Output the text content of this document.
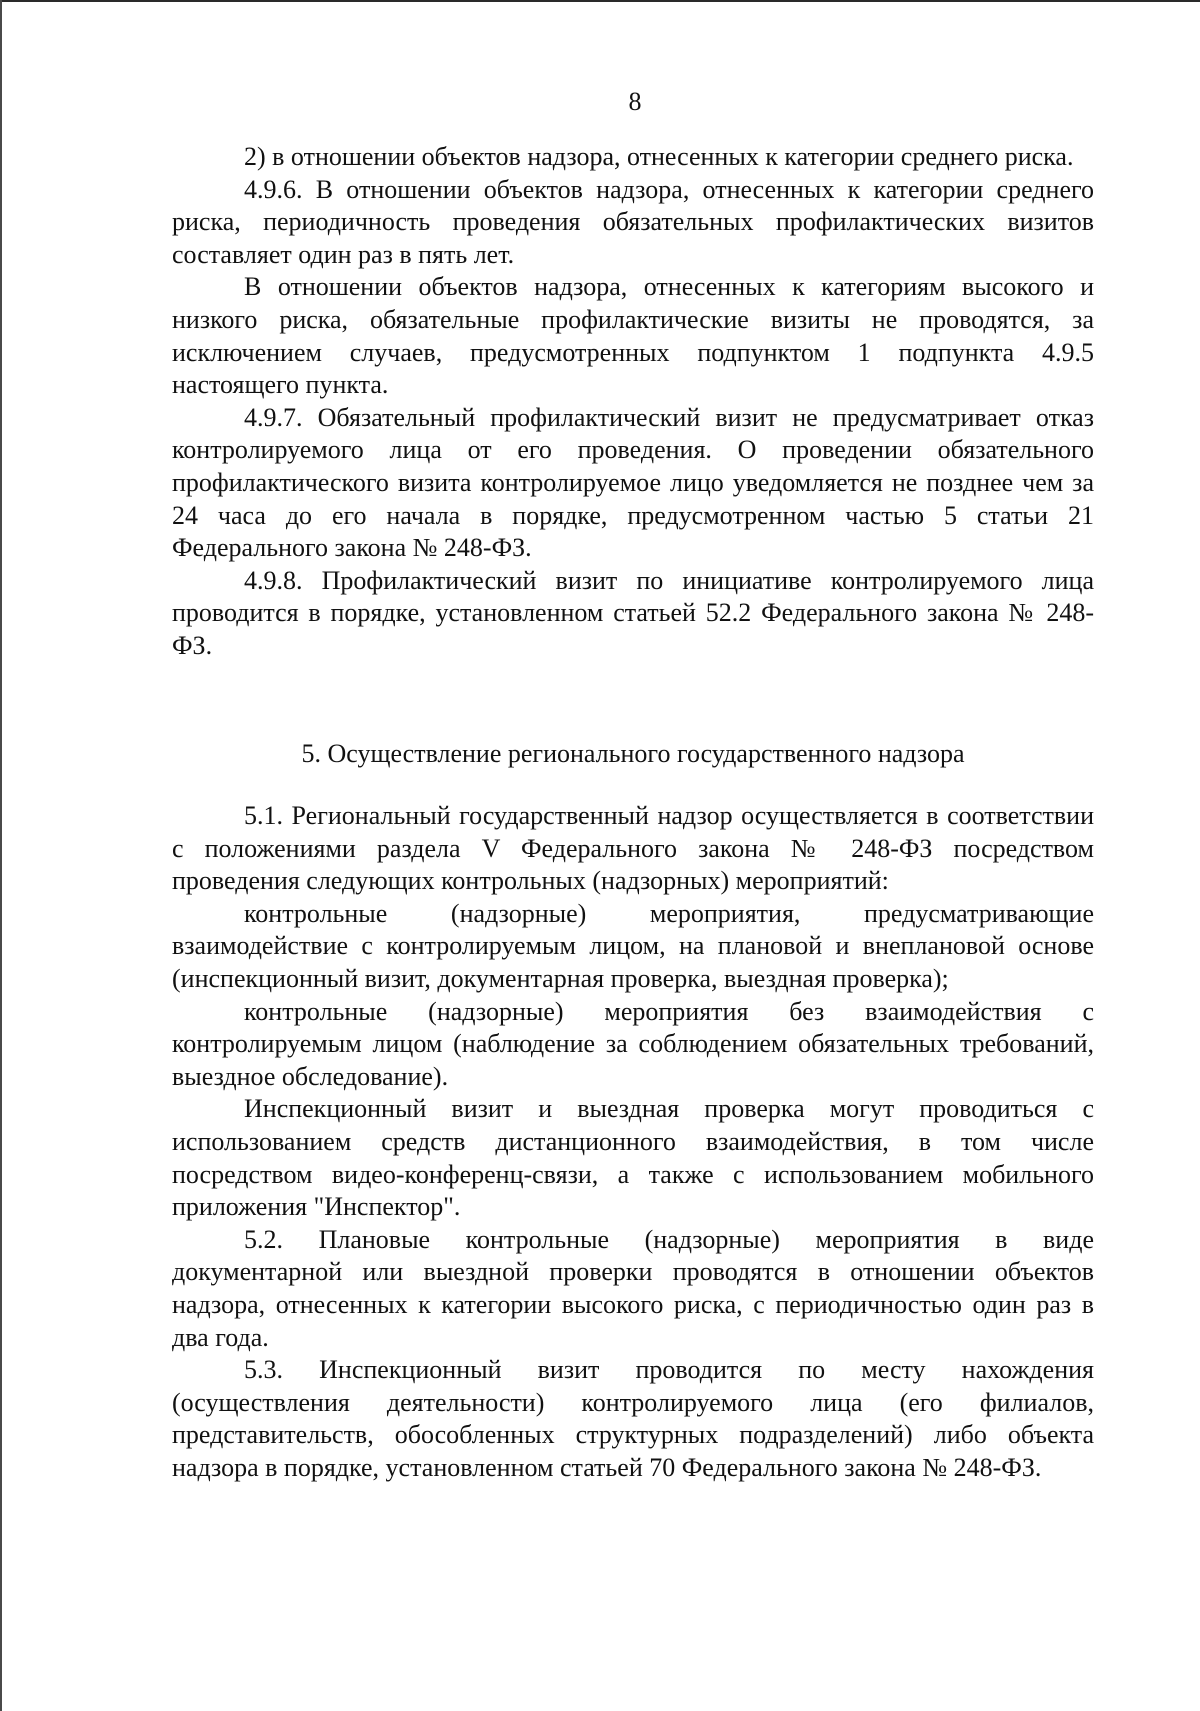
8

2) в отношении объектов надзора, отнесенных к категории среднего риска.

4.9.6. В отношении объектов надзора, отнесенных к категории среднего риска, периодичность проведения обязательных профилактических визитов составляет один раз в пять лет.

В отношении объектов надзора, отнесенных к категориям высокого и низкого риска, обязательные профилактические визиты не проводятся, за исключением случаев, предусмотренных подпунктом 1 подпункта 4.9.5 настоящего пункта.

4.9.7. Обязательный профилактический визит не предусматривает отказ контролируемого лица от его проведения. О проведении обязательного профилактического визита контролируемое лицо уведомляется не позднее чем за 24 часа до его начала в порядке, предусмотренном частью 5 статьи 21 Федерального закона № 248-ФЗ.

4.9.8. Профилактический визит по инициативе контролируемого лица проводится в порядке, установленном статьей 52.2 Федерального закона № 248-ФЗ.

5. Осуществление регионального государственного надзора

5.1. Региональный государственный надзор осуществляется в соответствии с положениями раздела V Федерального закона № 248-ФЗ посредством проведения следующих контрольных (надзорных) мероприятий:

контрольные (надзорные) мероприятия, предусматривающие взаимодействие с контролируемым лицом, на плановой и внеплановой основе (инспекционный визит, документарная проверка, выездная проверка);

контрольные (надзорные) мероприятия без взаимодействия с контролируемым лицом (наблюдение за соблюдением обязательных требований, выездное обследование).

Инспекционный визит и выездная проверка могут проводиться с использованием средств дистанционного взаимодействия, в том числе посредством видео-конференц-связи, а также с использованием мобильного приложения "Инспектор".

5.2. Плановые контрольные (надзорные) мероприятия в виде документарной или выездной проверки проводятся в отношении объектов надзора, отнесенных к категории высокого риска, с периодичностью один раз в два года.

5.3. Инспекционный визит проводится по месту нахождения (осуществления деятельности) контролируемого лица (его филиалов, представительств, обособленных структурных подразделений) либо объекта надзора в порядке, установленном статьей 70 Федерального закона № 248-ФЗ.
